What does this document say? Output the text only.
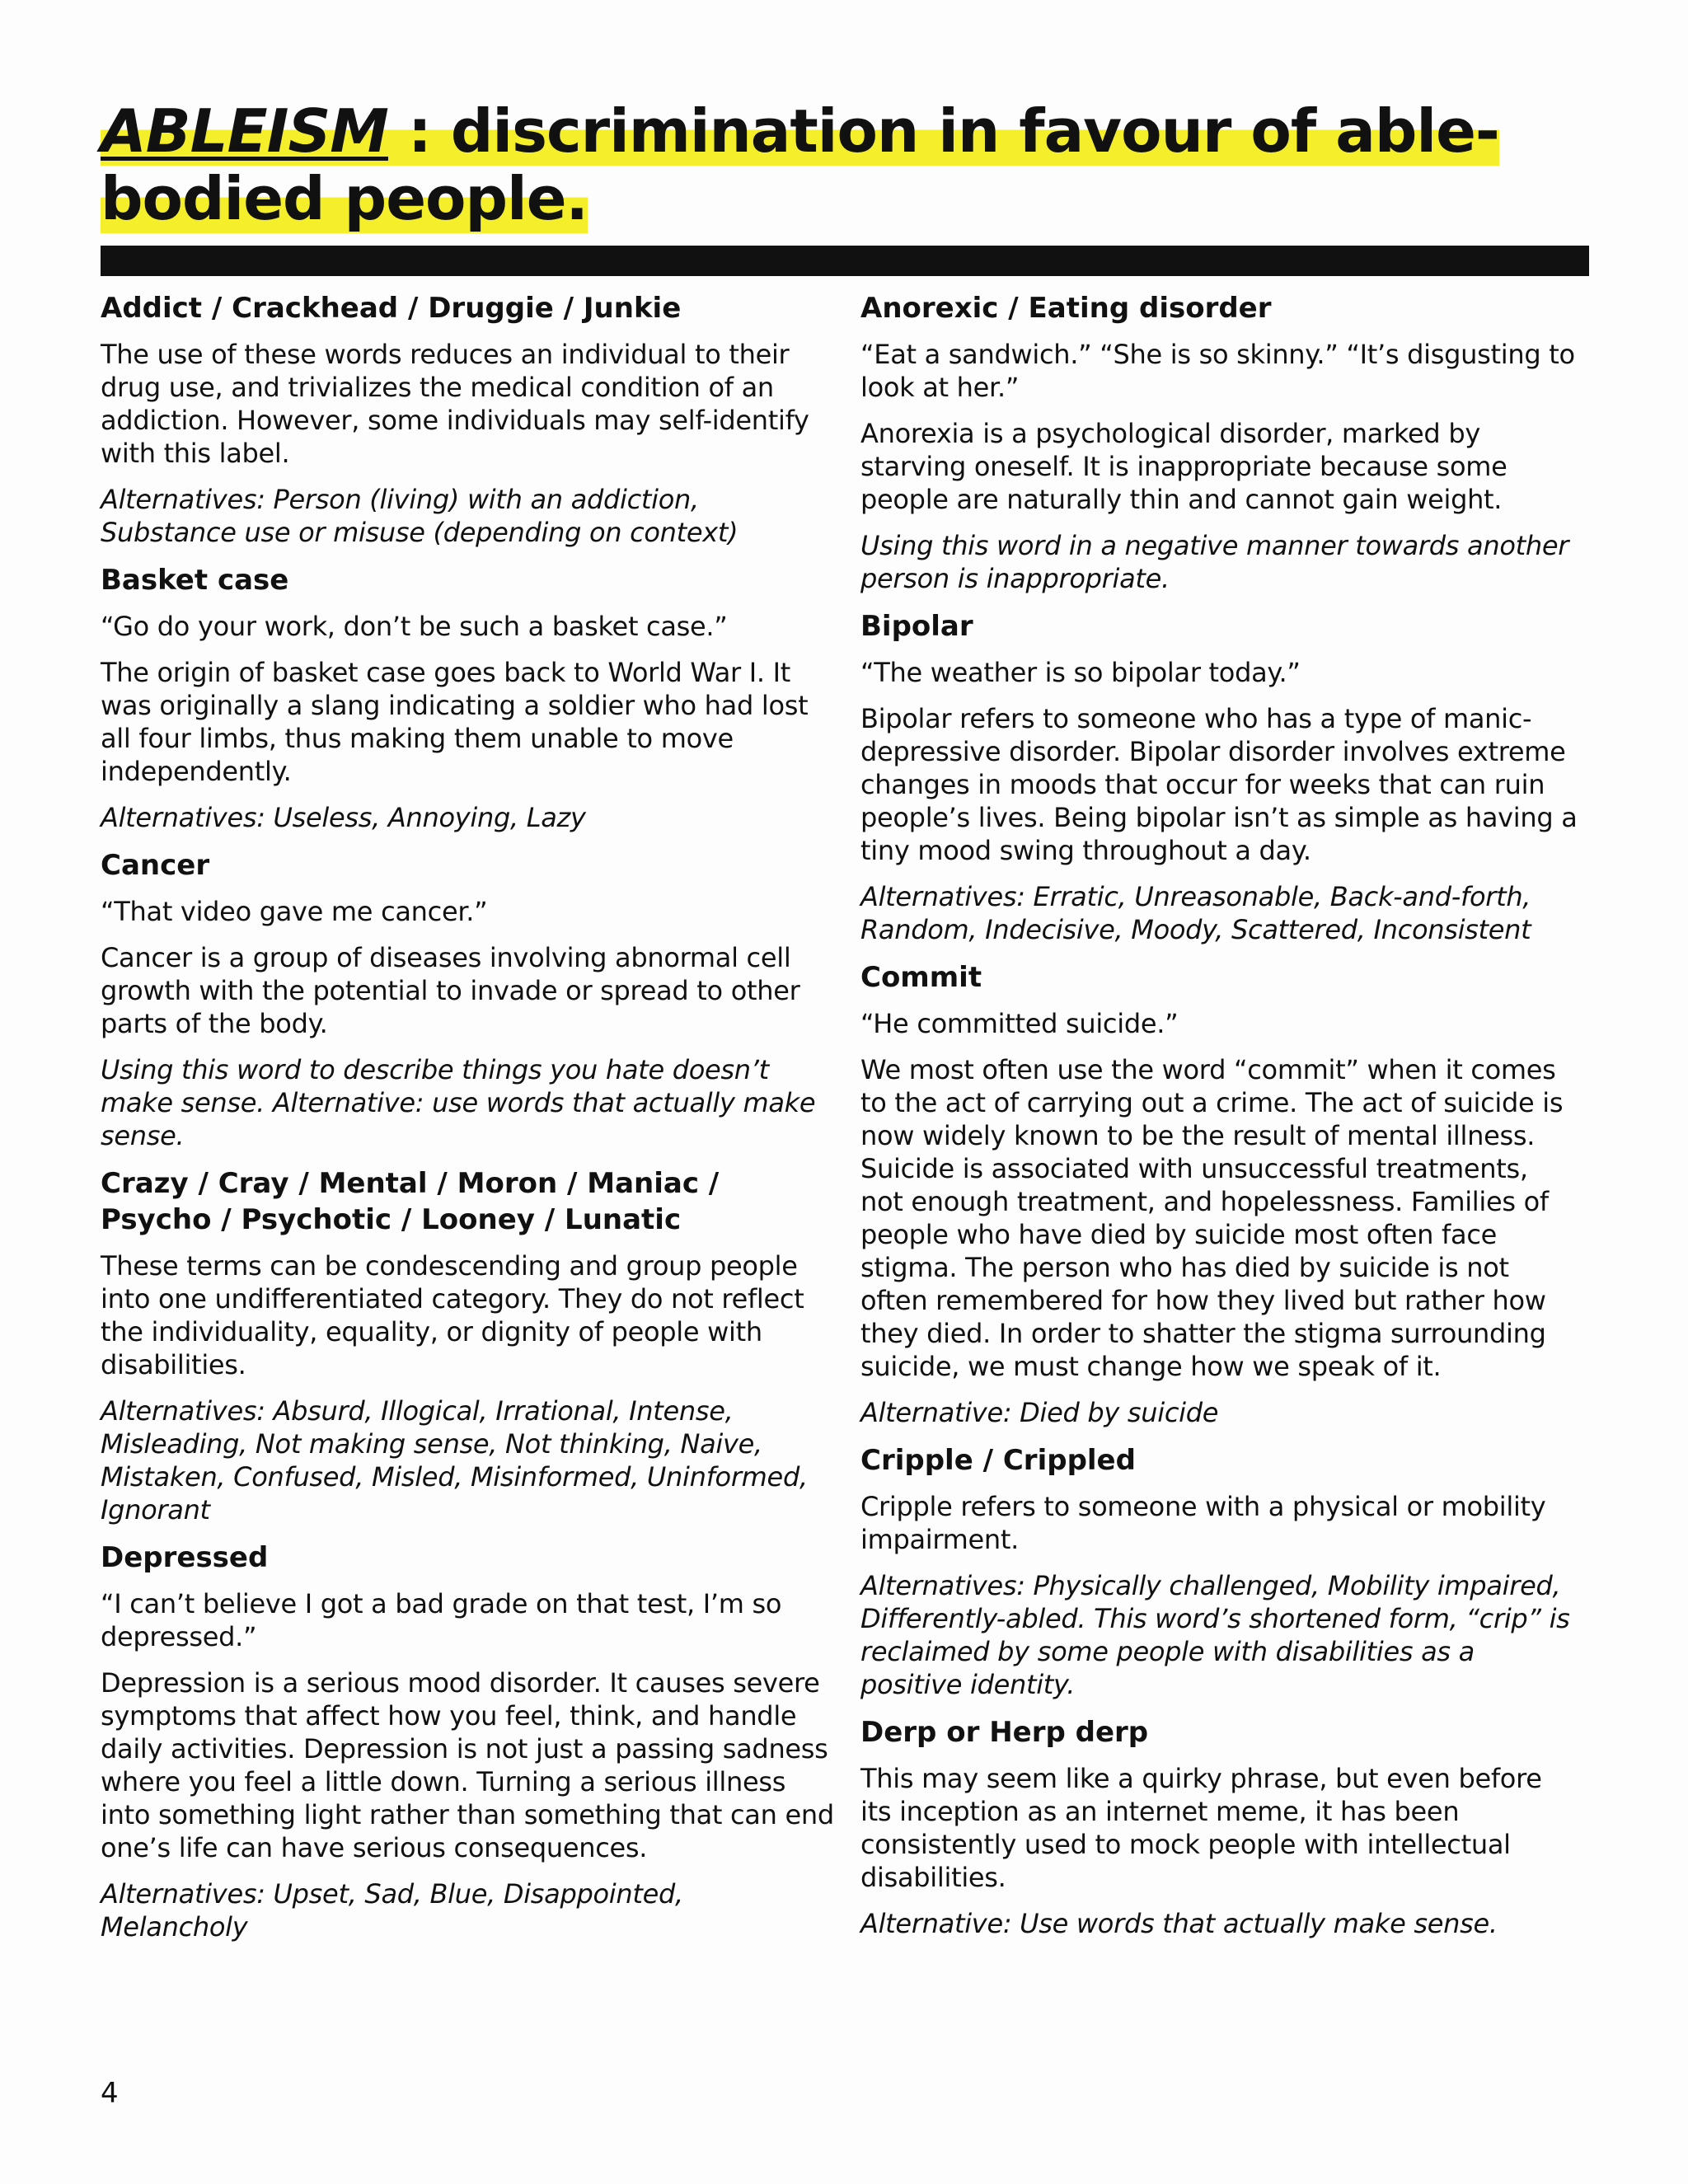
ABLEISM : discrimination in favour of able-bodied people.
Addict / Crackhead / Druggie / Junkie
The use of these words reduces an individual to their drug use, and trivializes the medical condition of an addiction. However, some individuals may self-identify with this label.
Alternatives: Person (living) with an addiction, Substance use or misuse (depending on context)
Basket case
“Go do your work, don’t be such a basket case.”
The origin of basket case goes back to World War I. It was originally a slang indicating a soldier who had lost all four limbs, thus making them unable to move independently.
Alternatives: Useless, Annoying, Lazy
Cancer
“That video gave me cancer.”
Cancer is a group of diseases involving abnormal cell growth with the potential to invade or spread to other parts of the body.
Using this word to describe things you hate doesn’t make sense. Alternative: use words that actually make sense.
Crazy / Cray / Mental / Moron / Maniac / Psycho / Psychotic / Looney / Lunatic
These terms can be condescending and group people into one undifferentiated category. They do not reflect the individuality, equality, or dignity of people with disabilities.
Alternatives: Absurd, Illogical, Irrational, Intense, Misleading, Not making sense, Not thinking, Naive, Mistaken, Confused, Misled, Misinformed, Uninformed, Ignorant
Depressed
“I can’t believe I got a bad grade on that test, I’m so depressed.”
Depression is a serious mood disorder. It causes severe symptoms that affect how you feel, think, and handle daily activities. Depression is not just a passing sadness where you feel a little down. Turning a serious illness into something light rather than something that can end one’s life can have serious consequences.
Alternatives: Upset, Sad, Blue, Disappointed, Melancholy
Anorexic / Eating disorder
“Eat a sandwich.” “She is so skinny.” “It’s disgusting to look at her.”
Anorexia is a psychological disorder, marked by starving oneself. It is inappropriate because some people are naturally thin and cannot gain weight.
Using this word in a negative manner towards another person is inappropriate.
Bipolar
“The weather is so bipolar today.”
Bipolar refers to someone who has a type of manic-depressive disorder. Bipolar disorder involves extreme changes in moods that occur for weeks that can ruin people’s lives. Being bipolar isn’t as simple as having a tiny mood swing throughout a day.
Alternatives: Erratic, Unreasonable, Back-and-forth, Random, Indecisive, Moody, Scattered, Inconsistent
Commit
“He committed suicide.”
We most often use the word “commit” when it comes to the act of carrying out a crime. The act of suicide is now widely known to be the result of mental illness. Suicide is associated with unsuccessful treatments, not enough treatment, and hopelessness. Families of people who have died by suicide most often face stigma. The person who has died by suicide is not often remembered for how they lived but rather how they died. In order to shatter the stigma surrounding suicide, we must change how we speak of it.
Alternative: Died by suicide
Cripple / Crippled
Cripple refers to someone with a physical or mobility impairment.
Alternatives: Physically challenged, Mobility impaired, Differently-abled. This word’s shortened form, “crip” is reclaimed by some people with disabilities as a positive identity.
Derp or Herp derp
This may seem like a quirky phrase, but even before its inception as an internet meme, it has been consistently used to mock people with intellectual disabilities.
Alternative: Use words that actually make sense.
4
